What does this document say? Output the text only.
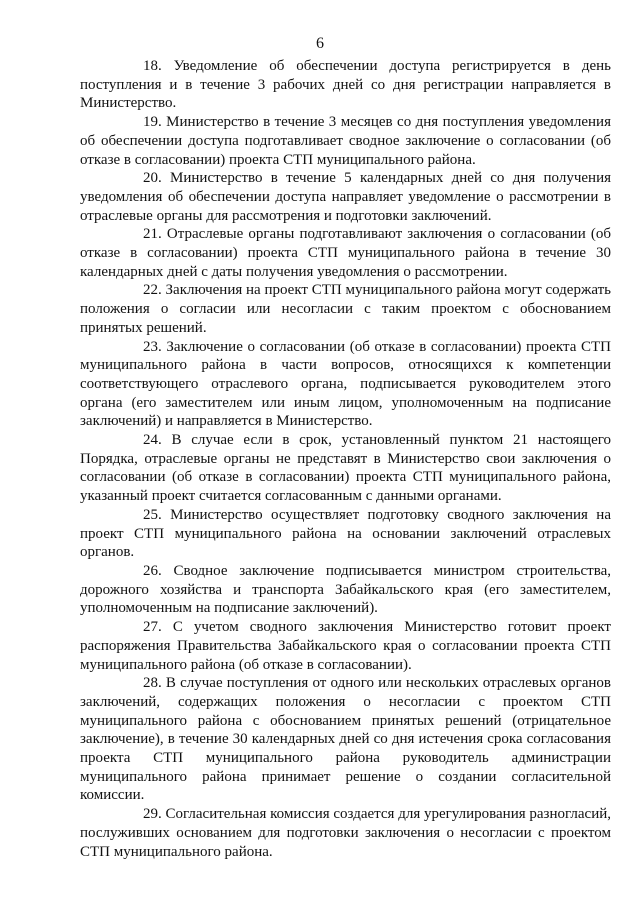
6

18. Уведомление об обеспечении доступа регистрируется в день поступления и в течение 3 рабочих дней со дня регистрации направляется в Министерство.

19. Министерство в течение 3 месяцев со дня поступления уведомления об обеспечении доступа подготавливает сводное заключение о согласовании (об отказе в согласовании) проекта СТП муниципального района.

20. Министерство в течение 5 календарных дней со дня получения уведомления об обеспечении доступа направляет уведомление о рассмотрении в отраслевые органы для рассмотрения и подготовки заключений.

21. Отраслевые органы подготавливают заключения о согласовании (об отказе в согласовании) проекта СТП муниципального района в течение 30 календарных дней с даты получения уведомления о рассмотрении.

22. Заключения на проект СТП муниципального района могут содержать положения о согласии или несогласии с таким проектом с обоснованием принятых решений.

23. Заключение о согласовании (об отказе в согласовании) проекта СТП муниципального района в части вопросов, относящихся к компетенции соответствующего отраслевого органа, подписывается руководителем этого органа (его заместителем или иным лицом, уполномоченным на подписание заключений) и направляется в Министерство.

24. В случае если в срок, установленный пунктом 21 настоящего Порядка, отраслевые органы не представят в Министерство свои заключения о согласовании (об отказе в согласовании) проекта СТП муниципального района, указанный проект считается согласованным с данными органами.

25. Министерство осуществляет подготовку сводного заключения на проект СТП муниципального района на основании заключений отраслевых органов.

26. Сводное заключение подписывается министром строительства, дорожного хозяйства и транспорта Забайкальского края (его заместителем, уполномоченным на подписание заключений).

27. С учетом сводного заключения Министерство готовит проект распоряжения Правительства Забайкальского края о согласовании проекта СТП муниципального района (об отказе в согласовании).

28. В случае поступления от одного или нескольких отраслевых органов заключений, содержащих положения о несогласии с проектом СТП муниципального района с обоснованием принятых решений (отрицательное заключение), в течение 30 календарных дней со дня истечения срока согласования проекта СТП муниципального района руководитель администрации муниципального района принимает решение о создании согласительной комиссии.

29. Согласительная комиссия создается для урегулирования разногласий, послуживших основанием для подготовки заключения о несогласии с проектом СТП муниципального района.
